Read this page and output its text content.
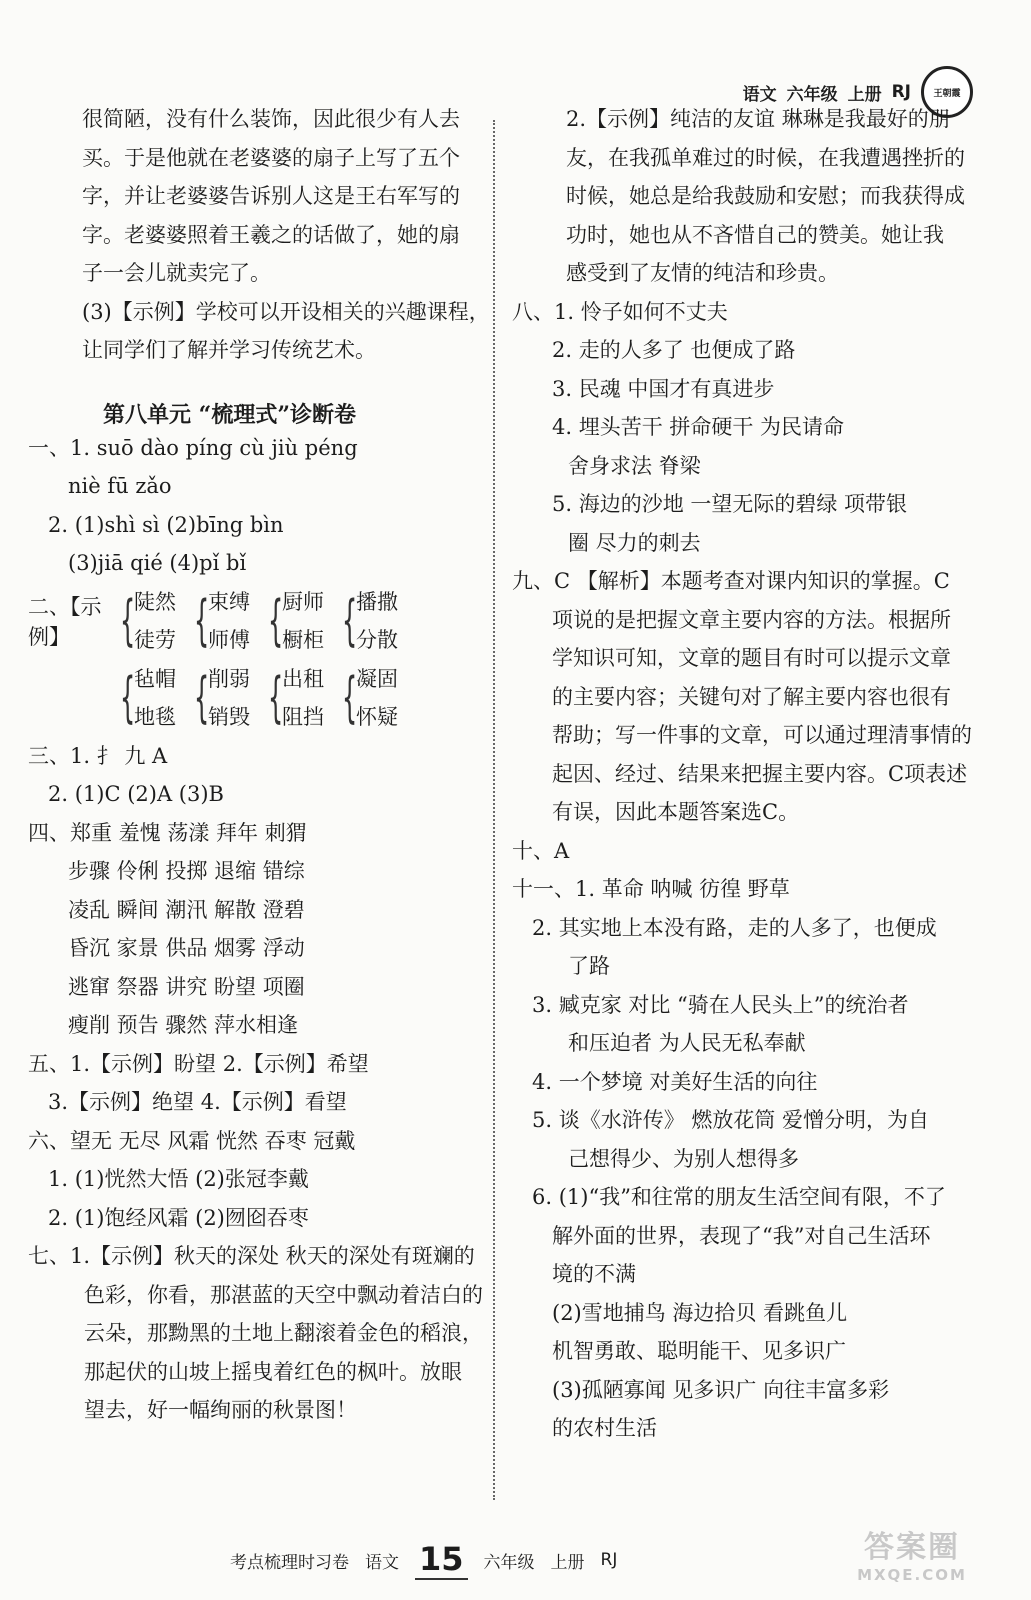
语文 六年级 上册 RJ 王朝霞
很简陋，没有什么装饰，因此很少有人去
买。于是他就在老婆婆的扇子上写了五个
字，并让老婆婆告诉别人这是王右军写的
字。老婆婆照着王羲之的话做了，她的扇
子一会儿就卖完了。
(3)【示例】学校可以开设相关的兴趣课程，
让同学们了解并学习传统艺术。
第八单元 “梳理式”诊断卷
一、1. suō dào píng cù jiù péng
niè fū zǎo
2. (1)shì sì (2)bīng bìn
(3)jiā qié (4)pǐ bǐ
二、【示例】 {
陡然
徒劳 {
束缚
师傅 {
厨师
橱柜 {
播撒
分散
{
毡帽
地毯 {
削弱
销毁 {
出租
阻挡 {
凝固
怀疑
三、1. 扌 九 A
2. (1)C (2)A (3)B
四、郑重 羞愧 荡漾 拜年 刺猬
步骤 伶俐 投掷 退缩 错综
凌乱 瞬间 潮汛 解散 澄碧
昏沉 家景 供品 烟雾 浮动
逃窜 祭器 讲究 盼望 项圈
瘦削 预告 骤然 萍水相逢
五、1.【示例】盼望 2.【示例】希望
3.【示例】绝望 4.【示例】看望
六、望无 无尽 风霜 恍然 吞枣 冠戴
1. (1)恍然大悟 (2)张冠李戴
2. (1)饱经风霜 (2)囫囵吞枣
七、1.【示例】秋天的深处 秋天的深处有斑斓的
色彩，你看，那湛蓝的天空中飘动着洁白的
云朵，那黝黑的土地上翻滚着金色的稻浪，
那起伏的山坡上摇曳着红色的枫叶。放眼
望去，好一幅绚丽的秋景图！
2.【示例】纯洁的友谊 琳琳是我最好的朋
友，在我孤单难过的时候，在我遭遇挫折的
时候，她总是给我鼓励和安慰；而我获得成
功时，她也从不吝惜自己的赞美。她让我
感受到了友情的纯洁和珍贵。
八、1. 怜子如何不丈夫
2. 走的人多了 也便成了路
3. 民魂 中国才有真进步
4. 埋头苦干 拼命硬干 为民请命
舍身求法 脊梁
5. 海边的沙地 一望无际的碧绿 项带银
圈 尽力的刺去
九、C 【解析】本题考查对课内知识的掌握。C
项说的是把握文章主要内容的方法。根据所
学知识可知，文章的题目有时可以提示文章
的主要内容；关键句对了解主要内容也很有
帮助；写一件事的文章，可以通过理清事情的
起因、经过、结果来把握主要内容。C项表述
有误，因此本题答案选C。
十、A
十一、1. 革命 呐喊 彷徨 野草
2. 其实地上本没有路，走的人多了，也便成
了路
3. 臧克家 对比 “骑在人民头上”的统治者
和压迫者 为人民无私奉献
4. 一个梦境 对美好生活的向往
5. 谈《水浒传》 燃放花筒 爱憎分明，为自
己想得少、为别人想得多
6. (1)“我”和往常的朋友生活空间有限，不了
解外面的世界，表现了“我”对自己生活环
境的不满
(2)雪地捕鸟 海边拾贝 看跳鱼儿
机智勇敢、聪明能干、见多识广
(3)孤陋寡闻 见多识广 向往丰富多彩
的农村生活
考点梳理时习卷 语文 15 六年级 上册 RJ	答案圈
MXQE.COM
